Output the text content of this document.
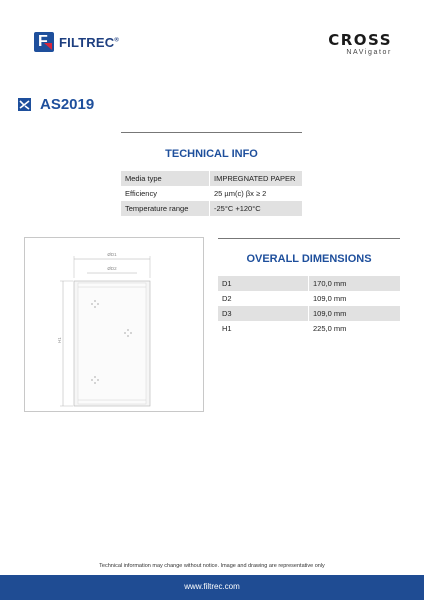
F FILTREC®	CROSS
NAVigator
AS2019
TECHNICAL INFO
Media type	IMPREGNATED PAPER
Efficiency	25 µm(c) βx ≥ 2
Temperature range	-25°C +120°C
ØD1
ØD2
H1
OVERALL DIMENSIONS
D1	170,0 mm
D2	109,0 mm
D3	109,0 mm
H1	225,0 mm
Technical information may change without notice. Image and drawing are representative only
www.filtrec.com
